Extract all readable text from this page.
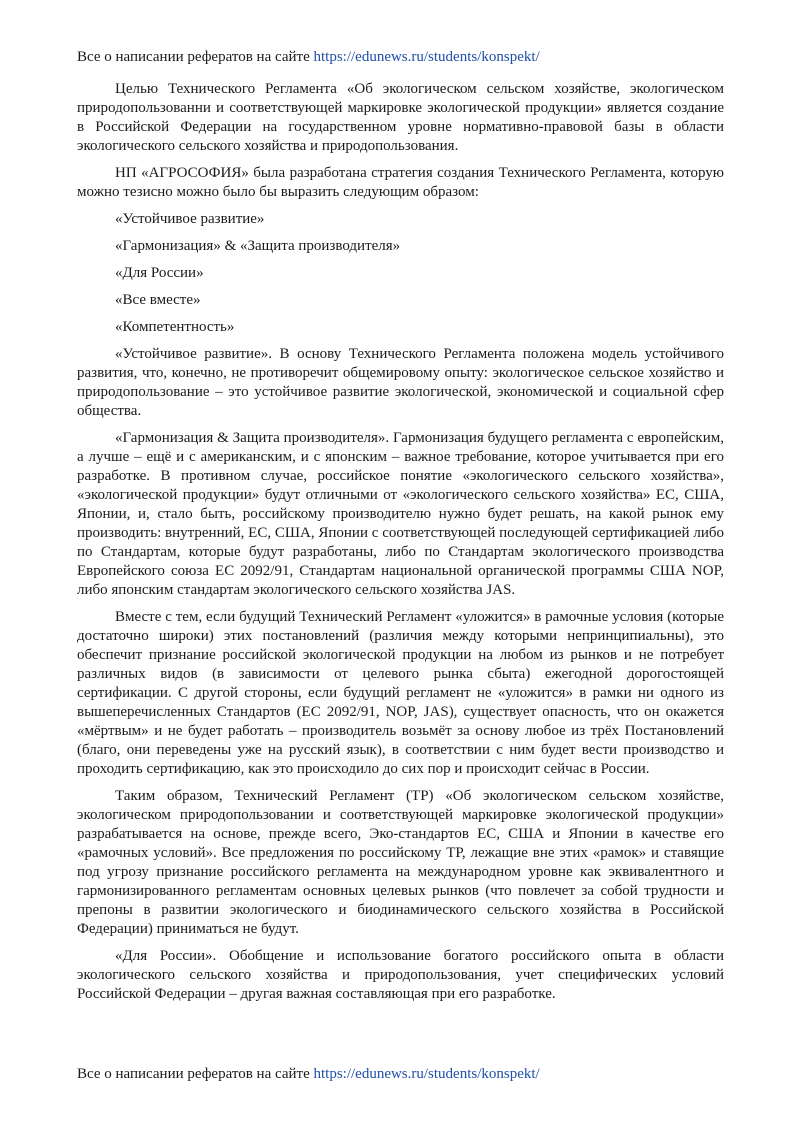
Все о написании рефератов на сайте https://edunews.ru/students/konspekt/

Целью Технического Регламента «Об экологическом сельском хозяйстве, экологическом природопользованни и соответствующей маркировке экологической продукции» является создание в Российской Федерации на государственном уровне нормативно-правовой базы в области экологического сельского хозяйства и природопользования.

НП «АГРОСОФИЯ» была разработана стратегия создания Технического Регламента, которую можно тезисно можно было бы выразить следующим образом:

«Устойчивое развитие»

«Гармонизация» & «Защита производителя»

«Для России»

«Все вместе»

«Компетентность»

«Устойчивое развитие». В основу Технического Регламента положена модель устойчивого развития, что, конечно, не противоречит общемировому опыту: экологическое сельское хозяйство и природопользование – это устойчивое развитие экологической, экономической и социальной сфер общества.

«Гармонизация & Защита производителя». Гармонизация будущего регламента с европейским, а лучше – ещё и с американским, и с японским – важное требование, которое учитывается при его разработке. В противном случае, российское понятие «экологического сельского хозяйства», «экологической продукции» будут отличными от «экологического сельского хозяйства» ЕС, США, Японии, и, стало быть, российскому производителю нужно будет решать, на какой рынок ему производить: внутренний, ЕС, США, Японии с соответствующей последующей сертификацией либо по Стандартам, которые будут разработаны, либо по Стандартам экологического производства Европейского союза ЕС 2092/91, Стандартам национальной органической программы США NOP, либо японским стандартам экологического сельского хозяйства JAS.

Вместе с тем, если будущий Технический Регламент «уложится» в рамочные условия (которые достаточно широки) этих постановлений (различия между которыми непринципиальны), это обеспечит признание российской экологической продукции на любом из рынков и не потребует различных видов (в зависимости от целевого рынка сбыта) ежегодной дорогостоящей сертификации. С другой стороны, если будущий регламент не «уложится» в рамки ни одного из вышеперечисленных Стандартов (ЕС 2092/91, NOP, JAS), существует опасность, что он окажется «мёртвым» и не будет работать – производитель возьмёт за основу любое из трёх Постановлений (благо, они переведены уже на русский язык), в соответствии с ним будет вести производство и проходить сертификацию, как это происходило до сих пор и происходит сейчас в России.

Таким образом, Технический Регламент (ТР) «Об экологическом сельском хозяйстве, экологическом природопользовании и соответствующей маркировке экологической продукции» разрабатывается на основе, прежде всего, Эко-стандартов ЕС, США и Японии в качестве его «рамочных условий». Все предложения по российскому ТР, лежащие вне этих «рамок» и ставящие под угрозу признание российского регламента на международном уровне как эквивалентного и гармонизированного регламентам основных целевых рынков (что повлечет за собой трудности и препоны в развитии экологического и биодинамического сельского хозяйства в Российской Федерации) приниматься не будут.

«Для России». Обобщение и использование богатого российского опыта в области экологического сельского хозяйства и природопользования, учет специфических условий Российской Федерации – другая важная составляющая при его разработке.

Все о написании рефератов на сайте https://edunews.ru/students/konspekt/
